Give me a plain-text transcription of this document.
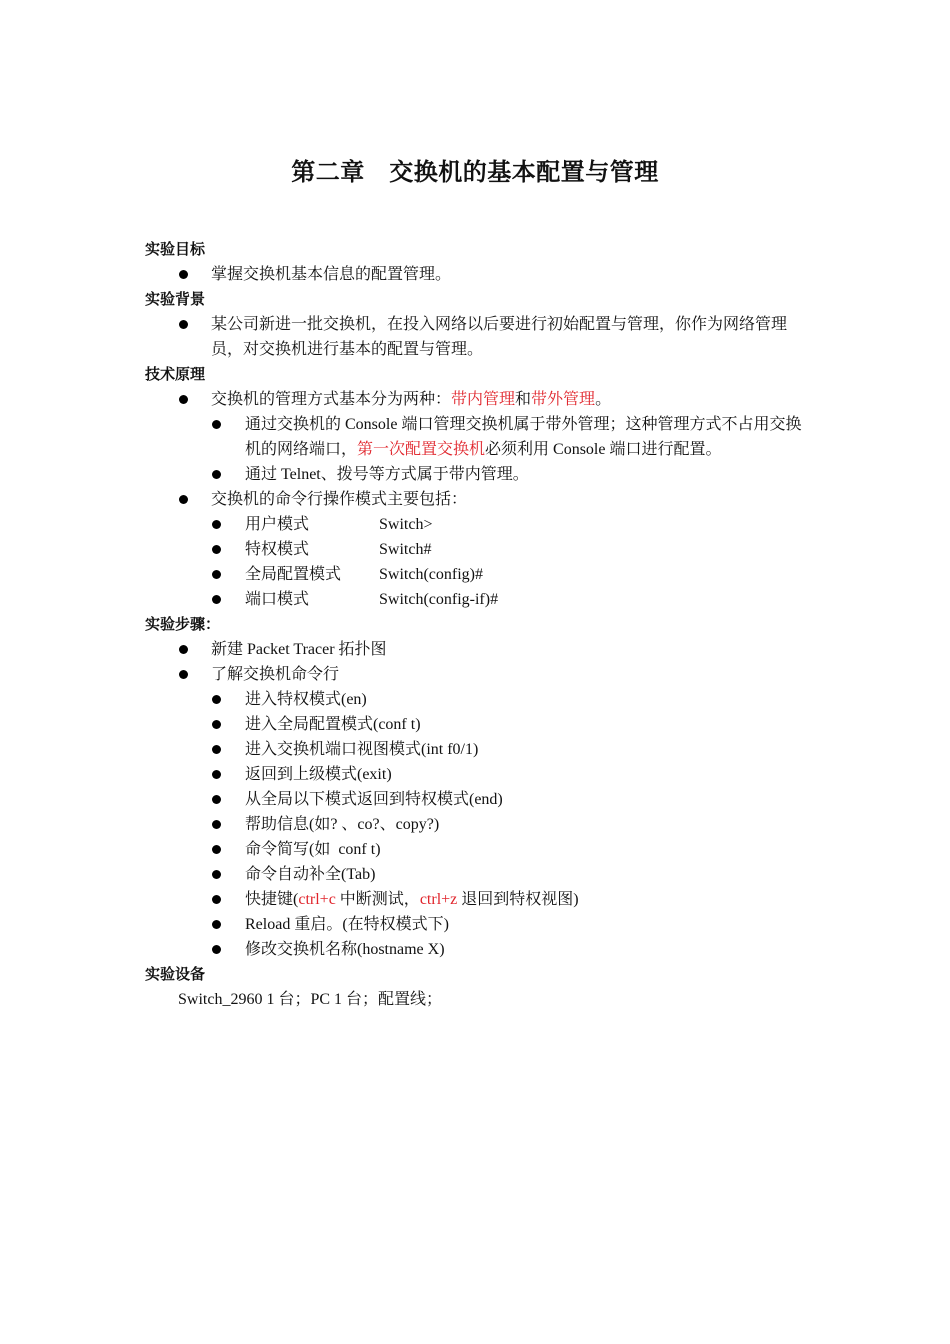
第二章　交换机的基本配置与管理
实验目标
掌握交换机基本信息的配置管理。
实验背景
某公司新进一批交换机，在投入网络以后要进行初始配置与管理，你作为网络管理员，对交换机进行基本的配置与管理。
技术原理
交换机的管理方式基本分为两种：带内管理和带外管理。
通过交换机的 Console 端口管理交换机属于带外管理；这种管理方式不占用交换机的网络端口，第一次配置交换机必须利用 Console 端口进行配置。
通过 Telnet、拨号等方式属于带内管理。
交换机的命令行操作模式主要包括：
用户模式	Switch>
特权模式	Switch#
全局配置模式 Switch(config)#
端口模式	Switch(config-if)#
实验步骤：
新建 Packet Tracer 拓扑图
了解交换机命令行
进入特权模式(en)
进入全局配置模式(conf t)
进入交换机端口视图模式(int f0/1)
返回到上级模式(exit)
从全局以下模式返回到特权模式(end)
帮助信息(如? 、co?、copy?)
命令简写(如  conf t)
命令自动补全(Tab)
快捷键(ctrl+c 中断测试，ctrl+z 退回到特权视图)
Reload 重启。(在特权模式下)
修改交换机名称(hostname X)
实验设备
Switch_2960 1 台；PC 1 台；配置线；
